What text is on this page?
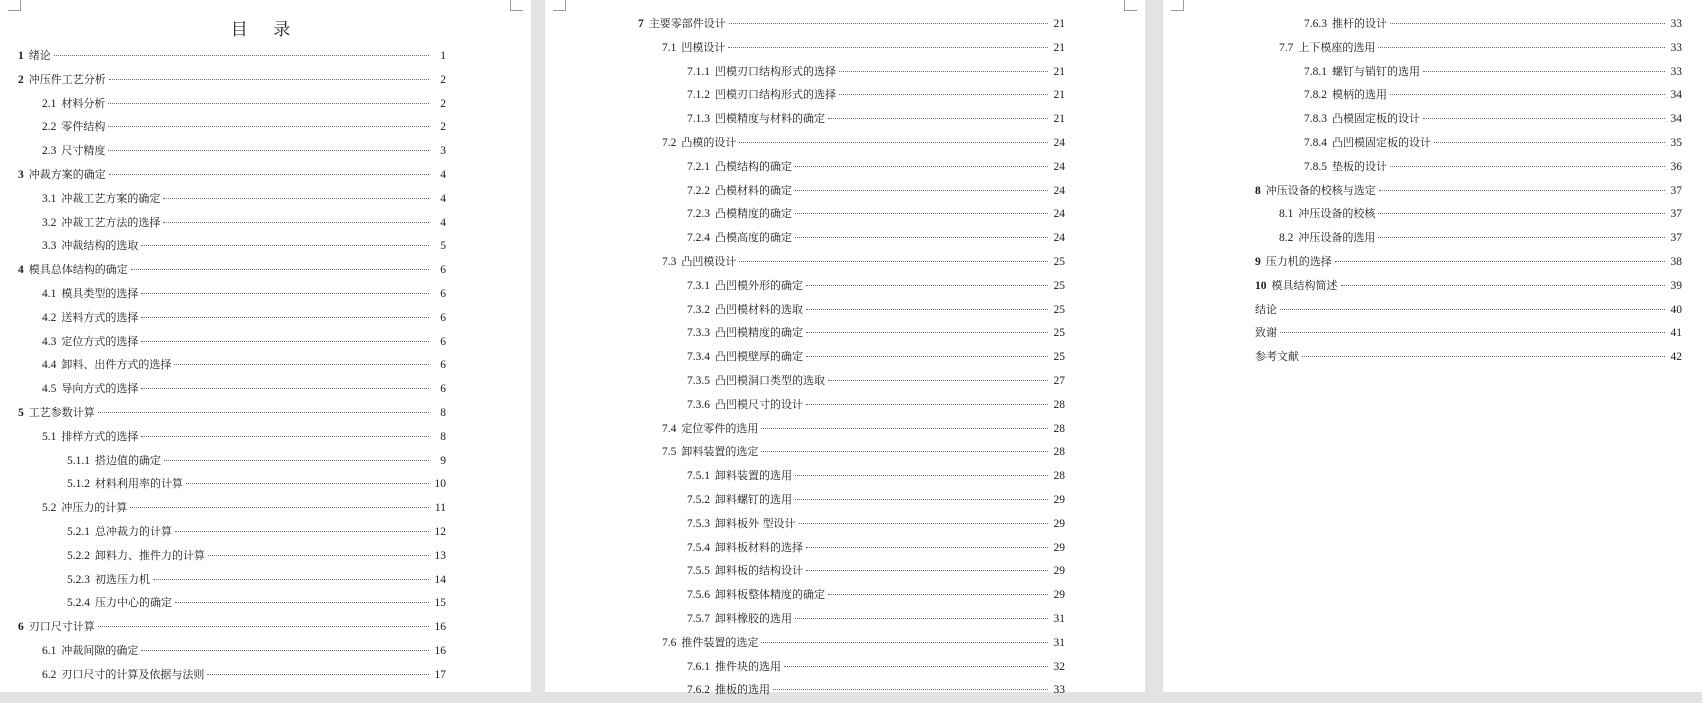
目 录
1 绪论	1
2 冲压件工艺分析	2
2.1 材料分析	2
2.2 零件结构	2
2.3 尺寸精度	3
3 冲裁方案的确定	4
3.1 冲裁工艺方案的确定	4
3.2 冲裁工艺方法的选择	4
3.3 冲裁结构的选取	5
4 模具总体结构的确定	6
4.1 模具类型的选择	6
4.2 送料方式的选择	6
4.3 定位方式的选择	6
4.4 卸料、出件方式的选择	6
4.5 导向方式的选择	6
5 工艺参数计算	8
5.1 排样方式的选择	8
5.1.1 搭边值的确定	9
5.1.2 材料利用率的计算	10
5.2 冲压力的计算	11
5.2.1 总冲裁力的计算	12
5.2.2 卸料力、推件力的计算	13
5.2.3 初选压力机	14
5.2.4 压力中心的确定	15
6 刃口尺寸计算	16
6.1 冲裁间隙的确定	16
6.2 刃口尺寸的计算及依据与法则	17
7 主要零部件设计	21
7.1 凹模设计	21
7.1.1 凹模刃口结构形式的选择	21
7.1.2 凹模刃口结构形式的选择	21
7.1.3 凹模精度与材料的确定	21
7.2 凸模的设计	24
7.2.1 凸模结构的确定	24
7.2.2 凸模材料的确定	24
7.2.3 凸模精度的确定	24
7.2.4 凸模高度的确定	24
7.3 凸凹模设计	25
7.3.1 凸凹模外形的确定	25
7.3.2 凸凹模材料的选取	25
7.3.3 凸凹模精度的确定	25
7.3.4 凸凹模壁厚的确定	25
7.3.5 凸凹模洞口类型的选取	27
7.3.6 凸凹模尺寸的设计	28
7.4 定位零件的选用	28
7.5 卸料装置的选定	28
7.5.1 卸料装置的选用	28
7.5.2 卸料螺钉的选用	29
7.5.3 卸料板外 型设计	29
7.5.4 卸料板材料的选择	29
7.5.5 卸料板的结构设计	29
7.5.6 卸料板整体精度的确定	29
7.5.7 卸料橡胶的选用	31
7.6 推件装置的选定	31
7.6.1 推件块的选用	32
7.6.2 推板的选用	33
7.6.3 推杆的设计	33
7.7 上下模座的选用	33
7.8.1 螺钉与销钉的选用	33
7.8.2 模柄的选用	34
7.8.3 凸模固定板的设计	34
7.8.4 凸凹模固定板的设计	35
7.8.5 垫板的设计	36
8 冲压设备的校核与选定	37
8.1 冲压设备的校核	37
8.2 冲压设备的选用	37
9 压力机的选择	38
10 模具结构简述	39
结论	40
致谢	41
参考文献	42
